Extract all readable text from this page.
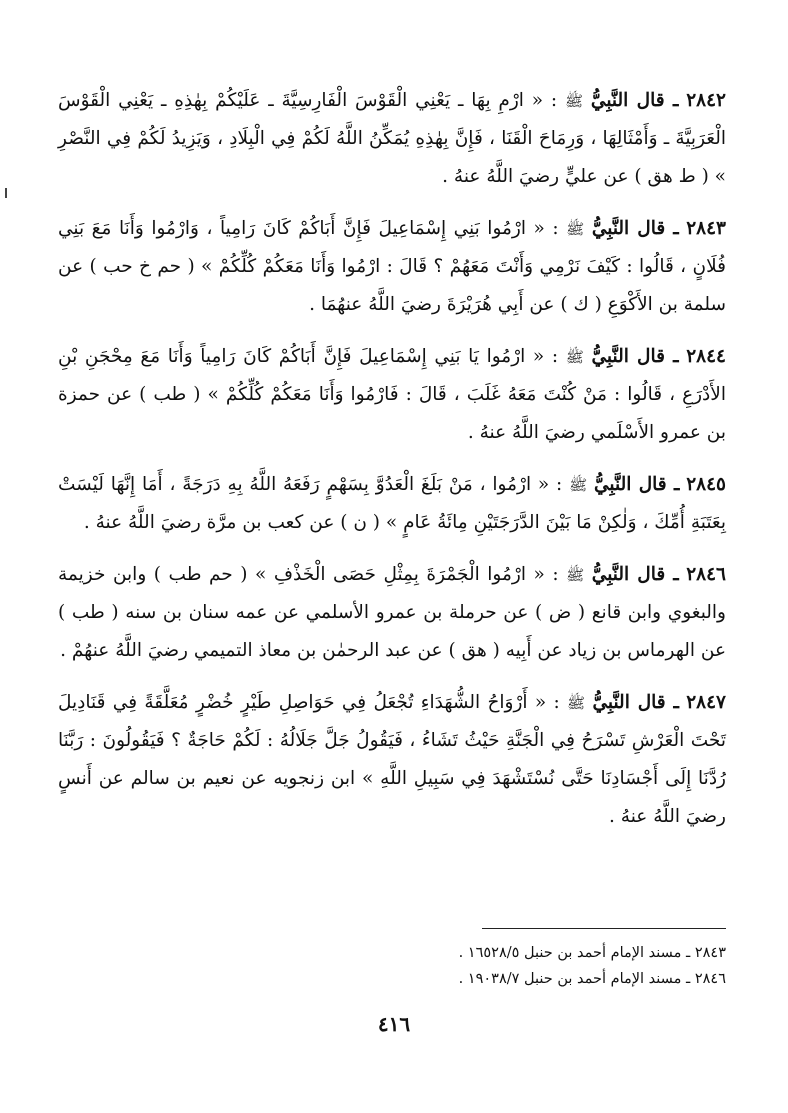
٢٨٤٢ ـ قال النَّبِيُّ ﷺ : « ارْمِ بِهَا ـ يَعْنِي الْقَوْسَ الْفَارِسِيَّةَ ـ عَلَيْكُمْ بِهٰذِهِ ـ يَعْنِي الْقَوْسَ الْعَرَبِيَّةَ ـ وَأَمْثَالِهَا ، وَرِمَاحَ الْقَنَا ، فَإِنَّ بِهٰذِهِ يُمَكِّنُ اللَّهُ لَكُمْ فِي الْبِلَادِ ، وَيَزِيدُ لَكُمْ فِي النَّصْرِ » ( ط هق ) عن عليٍّ رضيَ اللَّهُ عنهُ .

٢٨٤٣ ـ قال النَّبِيُّ ﷺ : « ارْمُوا بَنِي إِسْمَاعِيلَ فَإِنَّ أَبَاكُمْ كَانَ رَامِياً ، وَارْمُوا وَأَنَا مَعَ بَنِي فُلَانٍ ، قَالُوا : كَيْفَ نَرْمِي وَأَنْتَ مَعَهُمْ ؟ قَالَ : ارْمُوا وَأَنَا مَعَكُمْ كُلِّكُمْ » ( حم خ حب ) عن سلمة بن الأَكْوَعِ ( ك ) عن أَبِي هُرَيْرَةَ رضيَ اللَّهُ عنهُمَا .

٢٨٤٤ ـ قال النَّبِيُّ ﷺ : « ارْمُوا يَا بَنِي إِسْمَاعِيلَ فَإِنَّ أَبَاكُمْ كَانَ رَامِياً وَأَنَا مَعَ مِحْجَنِ بْنِ الأَدْرَعِ ، قَالُوا : مَنْ كُنْتَ مَعَهُ غَلَبَ ، قَالَ : فَارْمُوا وَأَنَا مَعَكُمْ كُلِّكُمْ » ( طب ) عن حمزة بن عمرو الأَسْلَمي رضيَ اللَّهُ عنهُ .

٢٨٤٥ ـ قال النَّبِيُّ ﷺ : « ارْمُوا ، مَنْ بَلَغَ الْعَدُوَّ بِسَهْمٍ رَفَعَهُ اللَّهُ بِهِ دَرَجَةً ، أَمَا إِنَّهَا لَيْسَتْ بِعَتَبَةِ أُمِّكَ ، وَلٰكِنْ مَا بَيْنَ الدَّرَجَتَيْنِ مِائَةُ عَامٍ » ( ن ) عن كعب بن مرَّة رضيَ اللَّهُ عنهُ .

٢٨٤٦ ـ قال النَّبِيُّ ﷺ : « ارْمُوا الْجَمْرَةَ بِمِثْلِ حَصَى الْخَذْفِ » ( حم طب ) وابن خزيمة والبغوي وابن قانع ( ض ) عن حرملة بن عمرو الأسلمي عن عمه سنان بن سنه ( طب ) عن الهرماس بن زياد عن أَبِيه ( هق ) عن عبد الرحمٰن بن معاذ التميمي رضيَ اللَّهُ عنهُمْ .

٢٨٤٧ ـ قال النَّبِيُّ ﷺ : « أَرْوَاحُ الشُّهَدَاءِ تُجْعَلُ فِي حَوَاصِلِ طَيْرٍ خُضْرٍ مُعَلَّقَةً فِي قَنَادِيلَ تَحْتَ الْعَرْشِ تَسْرَحُ فِي الْجَنَّةِ حَيْثُ تَشَاءُ ، فَيَقُولُ جَلَّ جَلَالُهُ : لَكُمْ حَاجَةٌ ؟ فَيَقُولُونَ : رَبَّنَا رُدَّنَا إِلَى أَجْسَادِنَا حَتَّى نُسْتَشْهَدَ فِي سَبِيلِ اللَّهِ » ابن زنجويه عن نعيم بن سالم عن أَنسٍ رضيَ اللَّهُ عنهُ .

٢٨٤٣ ـ مسند الإمام أحمد بن حنبل ١٦٥٢٨/٥ .

٢٨٤٦ ـ مسند الإمام أحمد بن حنبل ١٩٠٣٨/٧ .

٤١٦
